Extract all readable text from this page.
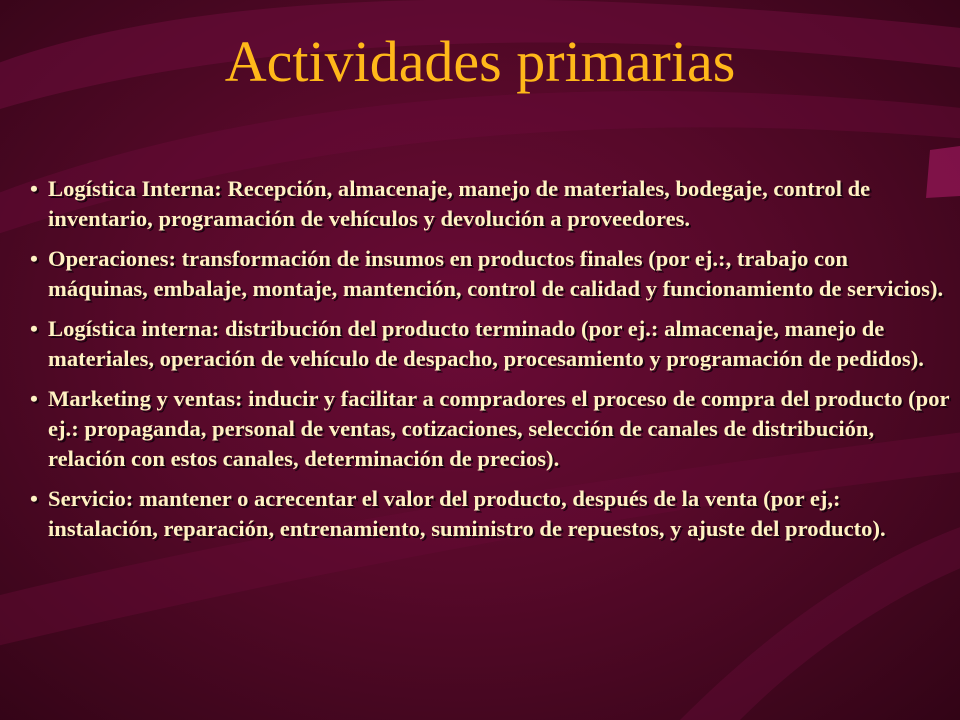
Actividades primarias
• Logística Interna: Recepción, almacenaje, manejo de materiales, bodegaje, control de inventario, programación de vehículos y devolución a proveedores.
• Operaciones: transformación de insumos en productos finales (por ej.:, trabajo con máquinas, embalaje, montaje, mantención, control de calidad y funcionamiento de servicios).
• Logística interna: distribución del producto terminado (por ej.: almacenaje, manejo de materiales, operación de vehículo de despacho, procesamiento y programación de pedidos).
• Marketing y ventas: inducir y facilitar a compradores el proceso de compra del producto (por ej.: propaganda, personal de ventas, cotizaciones, selección de canales de distribución, relación con estos canales, determinación de precios).
• Servicio: mantener o acrecentar el valor del producto, después de la venta (por ej,: instalación, reparación, entrenamiento, suministro de repuestos, y ajuste del producto).
